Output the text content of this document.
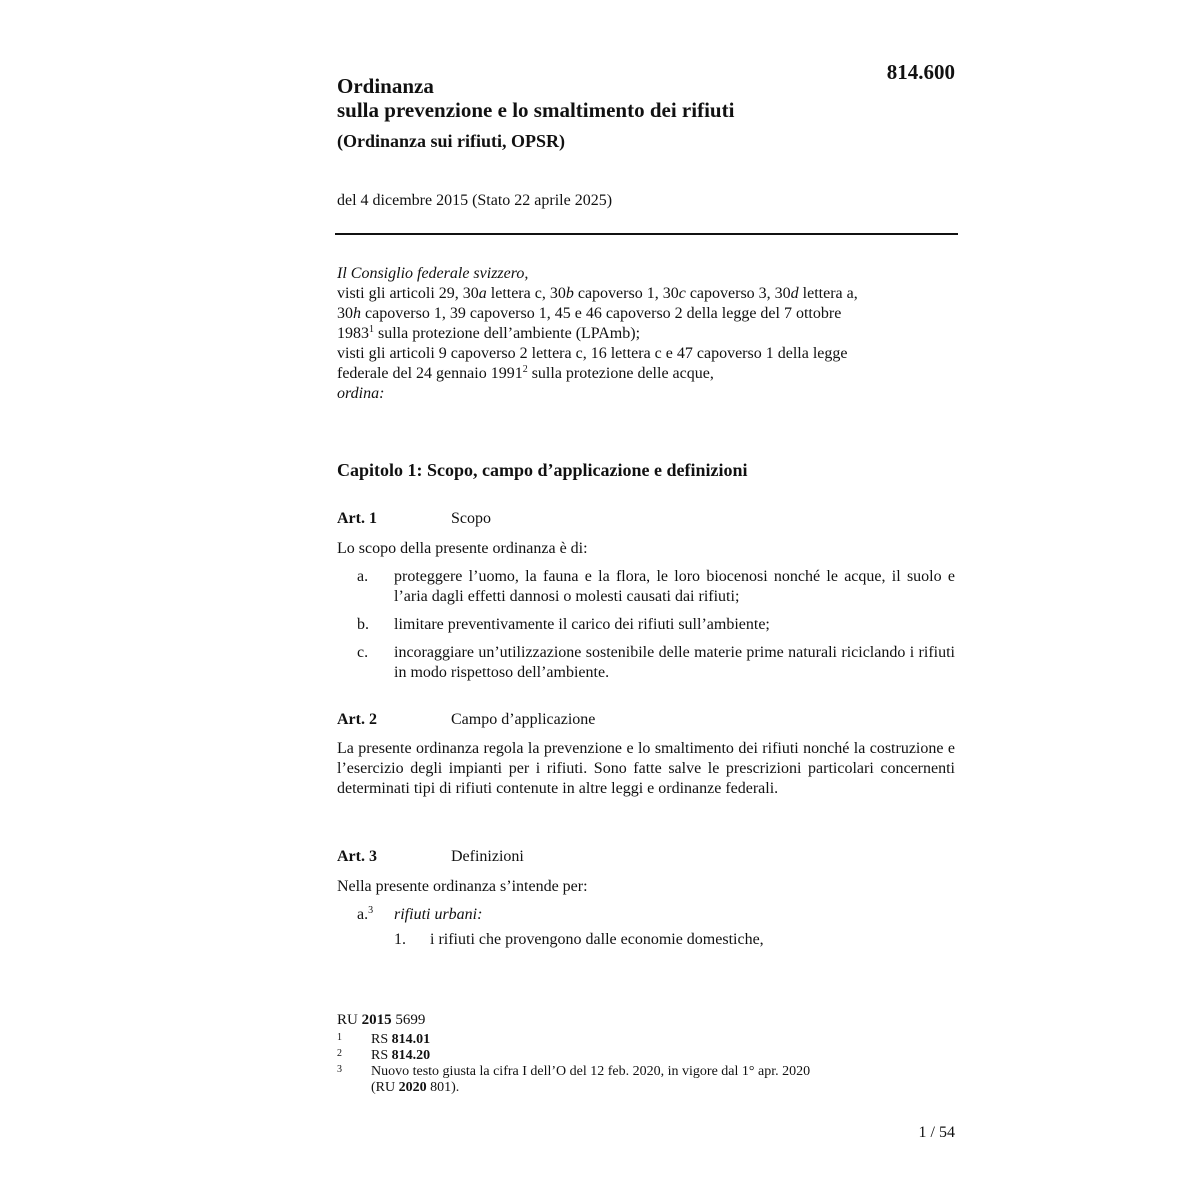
814.600
Ordinanza
sulla prevenzione e lo smaltimento dei rifiuti
(Ordinanza sui rifiuti, OPSR)
del 4 dicembre 2015 (Stato 22 aprile 2025)
Il Consiglio federale svizzero,
visti gli articoli 29, 30a lettera c, 30b capoverso 1, 30c capoverso 3, 30d lettera a,
30h capoverso 1, 39 capoverso 1, 45 e 46 capoverso 2 della legge del 7 ottobre
1983$^1$ sulla protezione dell’ambiente (LPAmb);
visti gli articoli 9 capoverso 2 lettera c, 16 lettera c e 47 capoverso 1 della legge
federale del 24 gennaio 1991$^2$ sulla protezione delle acque,
ordina:
Capitolo 1: Scopo, campo d’applicazione e definizioni
Art. 1	Scopo
Lo scopo della presente ordinanza è di:
a.	proteggere l’uomo, la fauna e la flora, le loro biocenosi nonché le acque, il suolo e l’aria dagli effetti dannosi o molesti causati dai rifiuti;
b.	limitare preventivamente il carico dei rifiuti sull’ambiente;
c.	incoraggiare un’utilizzazione sostenibile delle materie prime naturali riciclando i rifiuti in modo rispettoso dell’ambiente.
Art. 2	Campo d’applicazione
La presente ordinanza regola la prevenzione e lo smaltimento dei rifiuti nonché la costruzione e l’esercizio degli impianti per i rifiuti. Sono fatte salve le prescrizioni particolari concernenti determinati tipi di rifiuti contenute in altre leggi e ordinanze federali.
Art. 3	Definizioni
Nella presente ordinanza s’intende per:
a.$^3$ rifiuti urbani:
1. i rifiuti che provengono dalle economie domestiche,
RU 2015 5699
1 RS 814.01
2 RS 814.20
3 Nuovo testo giusta la cifra I dell’O del 12 feb. 2020, in vigore dal 1° apr. 2020
(RU 2020 801).
1 / 54
